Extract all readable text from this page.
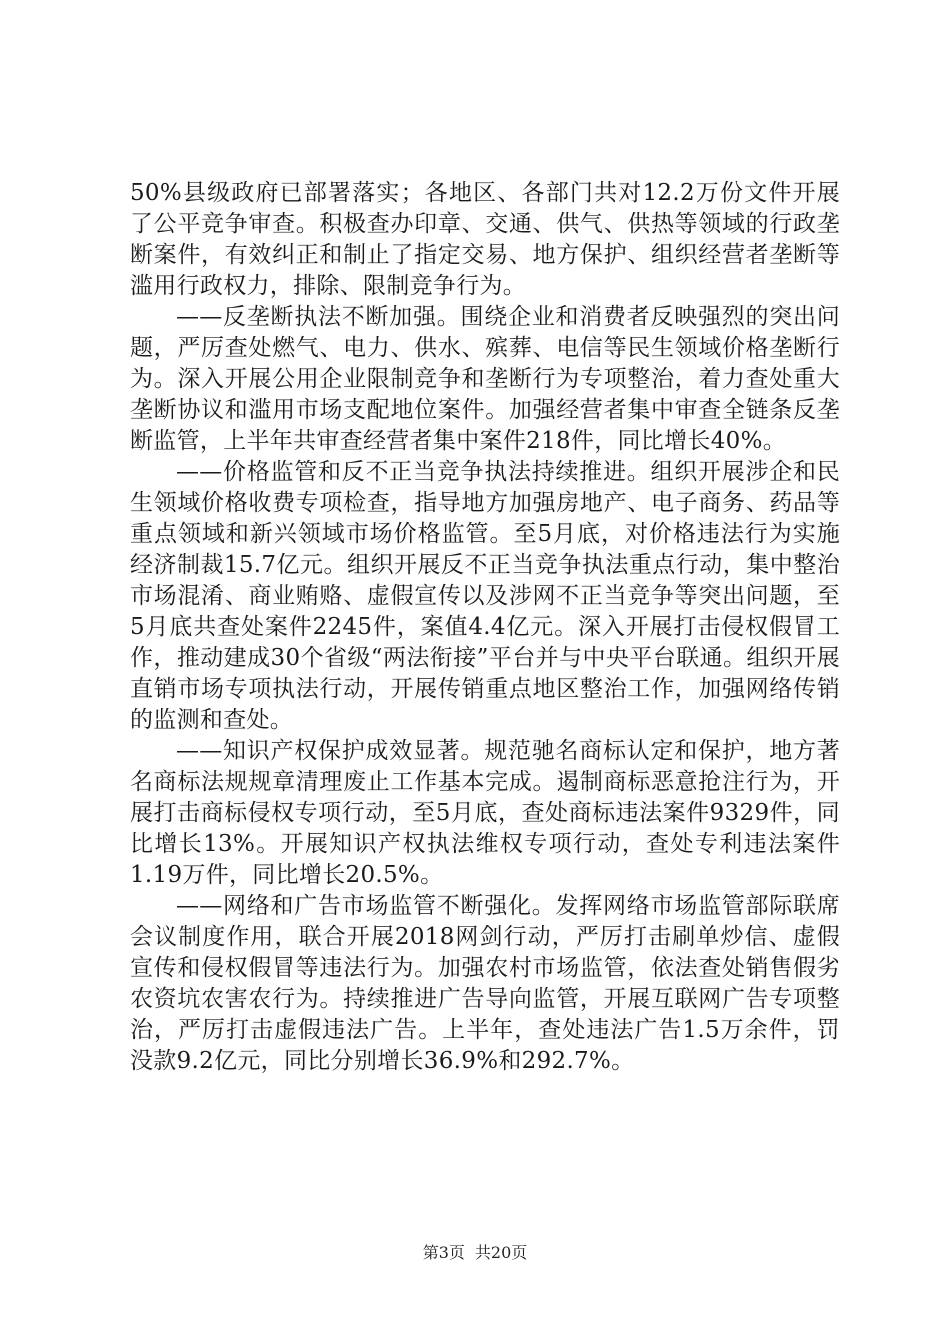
50%县级政府已部署落实；各地区、各部门共对12.2万份文件开展了公平竞争审查。积极查办印章、交通、供气、供热等领域的行政垄断案件，有效纠正和制止了指定交易、地方保护、组织经营者垄断等滥用行政权力，排除、限制竞争行为。

——反垄断执法不断加强。围绕企业和消费者反映强烈的突出问题，严厉查处燃气、电力、供水、殡葬、电信等民生领域价格垄断行为。深入开展公用企业限制竞争和垄断行为专项整治，着力查处重大垄断协议和滥用市场支配地位案件。加强经营者集中审查全链条反垄断监管，上半年共审查经营者集中案件218件，同比增长40%。

——价格监管和反不正当竞争执法持续推进。组织开展涉企和民生领域价格收费专项检查，指导地方加强房地产、电子商务、药品等重点领域和新兴领域市场价格监管。至5月底，对价格违法行为实施经济制裁15.7亿元。组织开展反不正当竞争执法重点行动，集中整治市场混淆、商业贿赂、虚假宣传以及涉网不正当竞争等突出问题，至5月底共查处案件2245件，案值4.4亿元。深入开展打击侵权假冒工作，推动建成30个省级“两法衔接”平台并与中央平台联通。组织开展直销市场专项执法行动，开展传销重点地区整治工作，加强网络传销的监测和查处。

——知识产权保护成效显著。规范驰名商标认定和保护，地方著名商标法规规章清理废止工作基本完成。遏制商标恶意抢注行为，开展打击商标侵权专项行动，至5月底，查处商标违法案件9329件，同比增长13%。开展知识产权执法维权专项行动，查处专利违法案件1.19万件，同比增长20.5%。

——网络和广告市场监管不断强化。发挥网络市场监管部际联席会议制度作用，联合开展2018网剑行动，严厉打击刷单炒信、虚假宣传和侵权假冒等违法行为。加强农村市场监管，依法查处销售假劣农资坑农害农行为。持续推进广告导向监管，开展互联网广告专项整治，严厉打击虚假违法广告。上半年，查处违法广告1.5万余件，罚没款9.2亿元，同比分别增长36.9%和292.7%。

第3页 共20页
